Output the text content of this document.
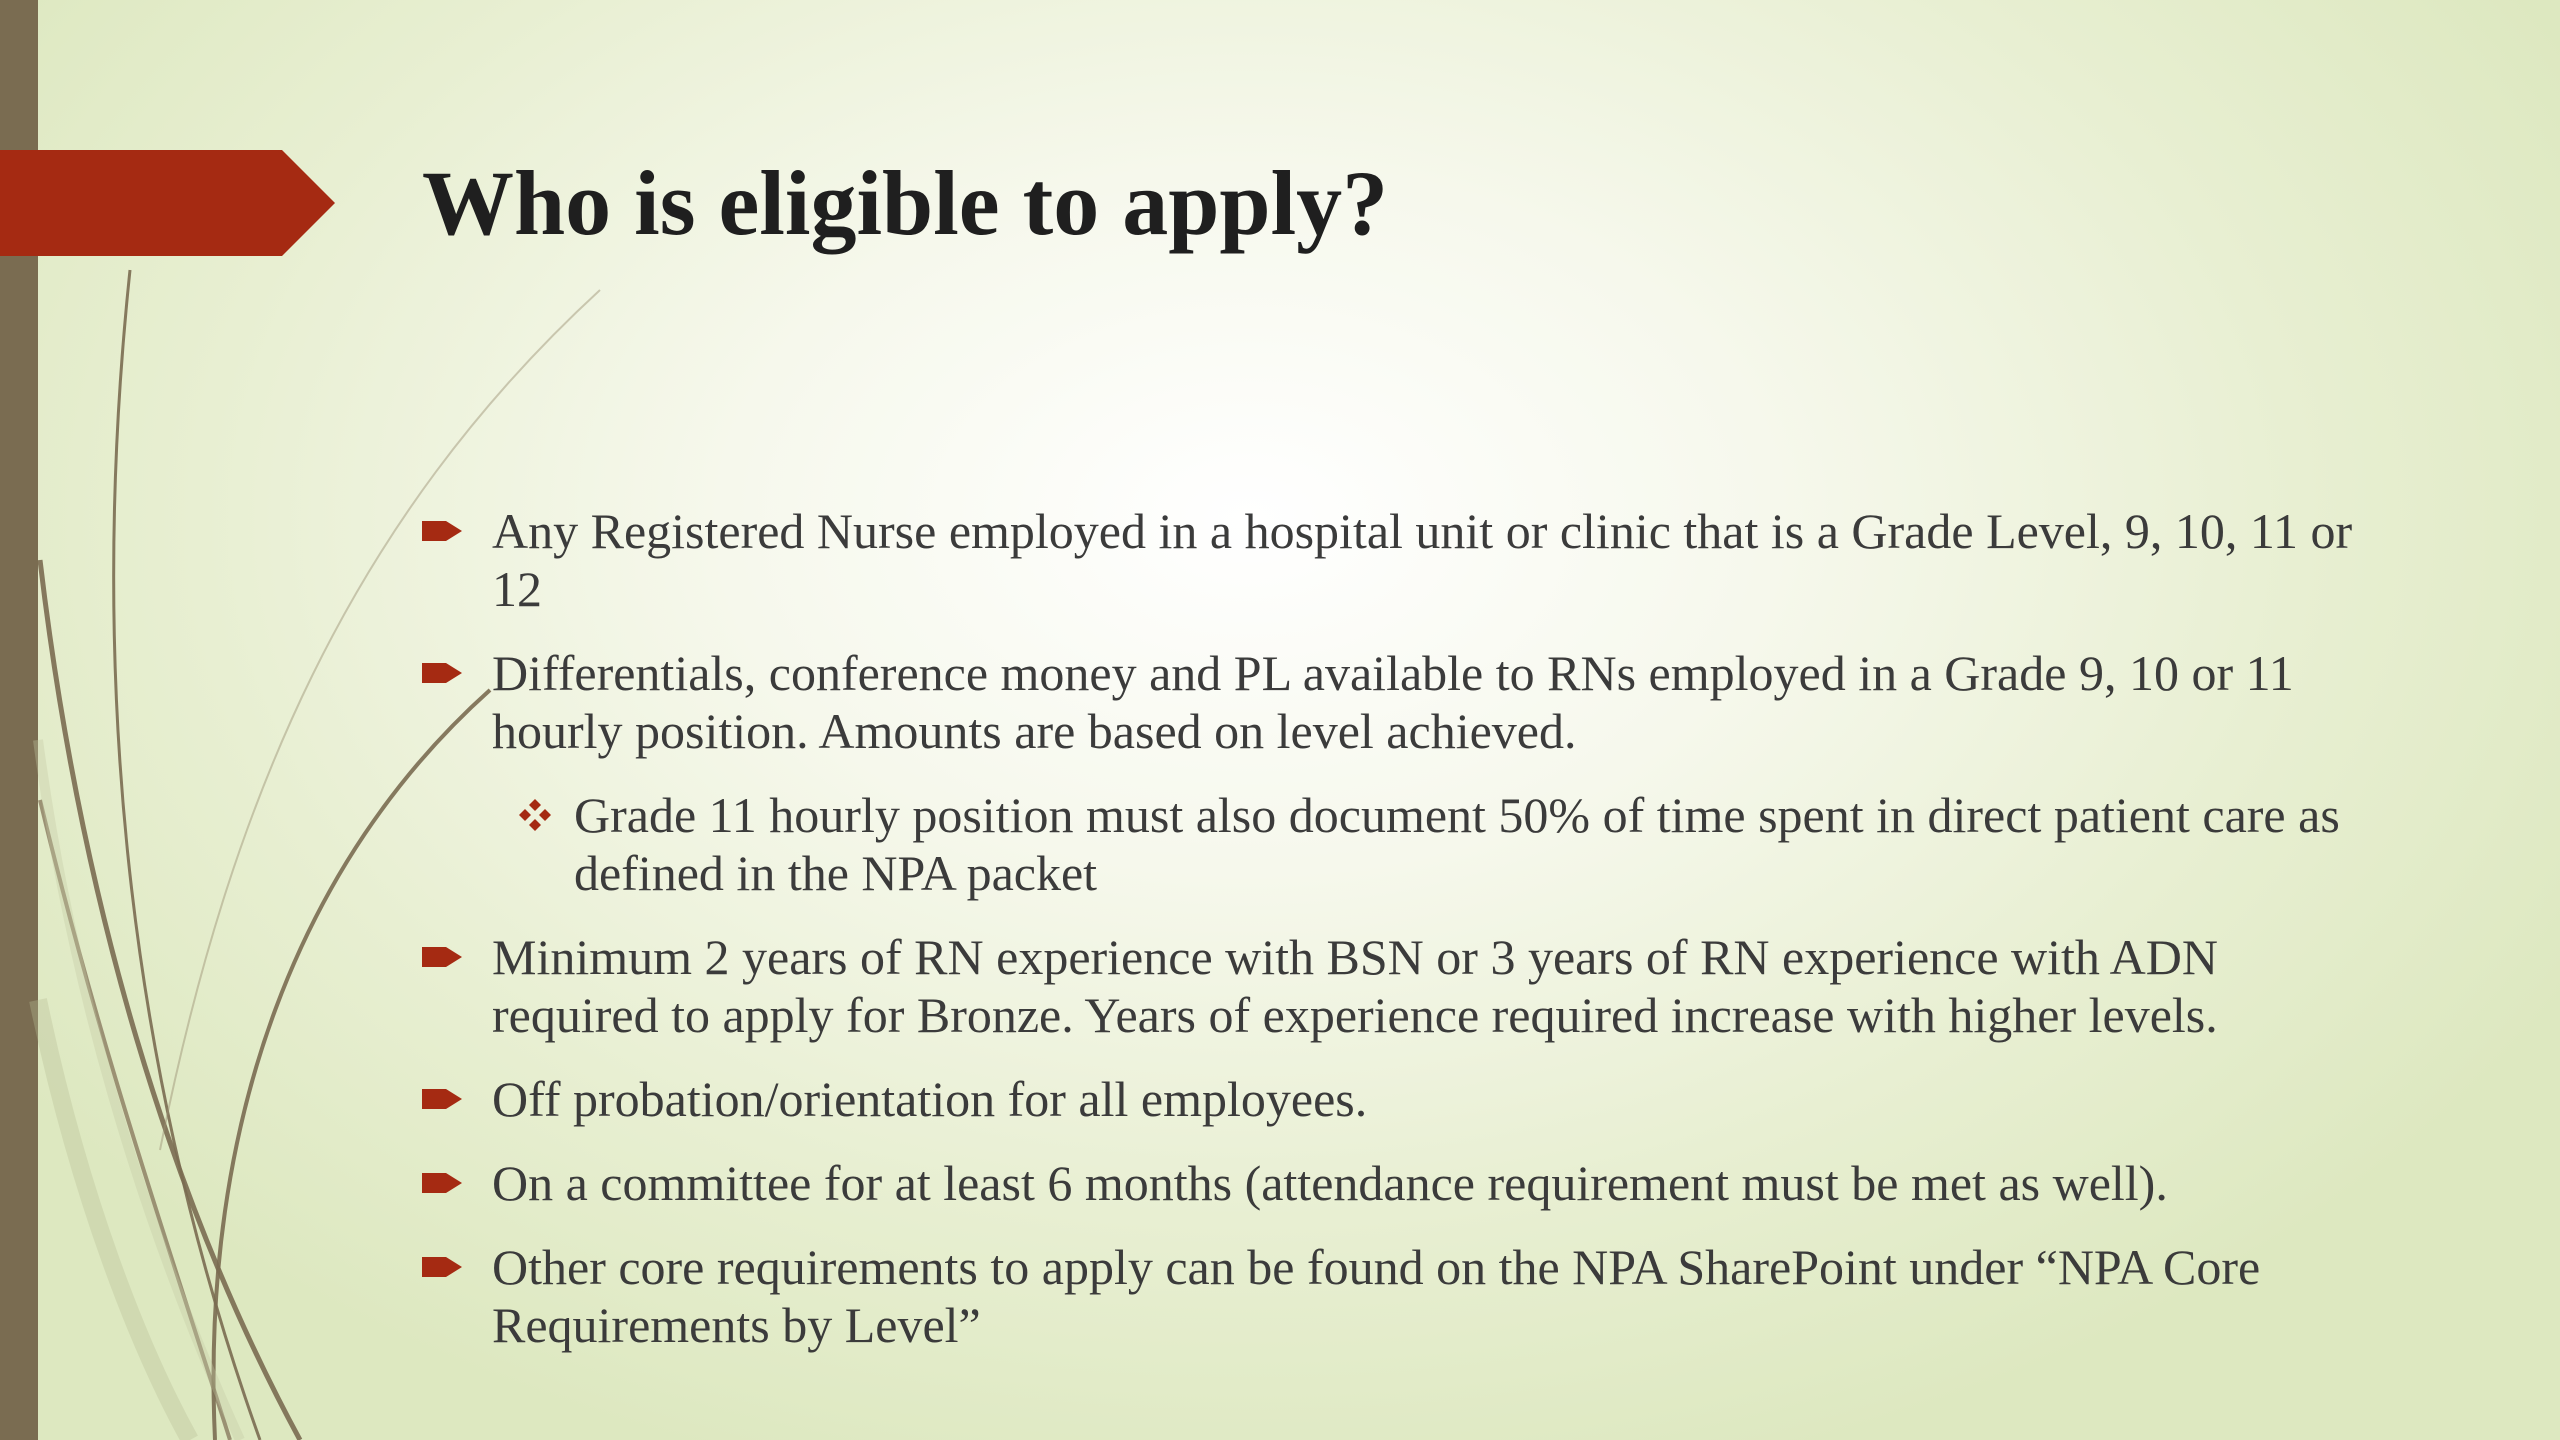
Who is eligible to apply?
Any Registered Nurse employed in a hospital unit or clinic that is a Grade Level, 9, 10, 11 or 12
Differentials, conference money and PL available to RNs employed in a Grade 9, 10 or 11 hourly position. Amounts are based on level achieved.
Grade 11 hourly position must also document 50% of time spent in direct patient care as defined in the NPA packet
Minimum 2 years of RN experience with BSN or 3 years of RN experience with ADN required to apply for Bronze. Years of experience required increase with higher levels.
Off probation/orientation for all employees.
On a committee for at least 6 months (attendance requirement must be met as well).
Other core requirements to apply can be found on the NPA SharePoint under “NPA Core Requirements by Level”
